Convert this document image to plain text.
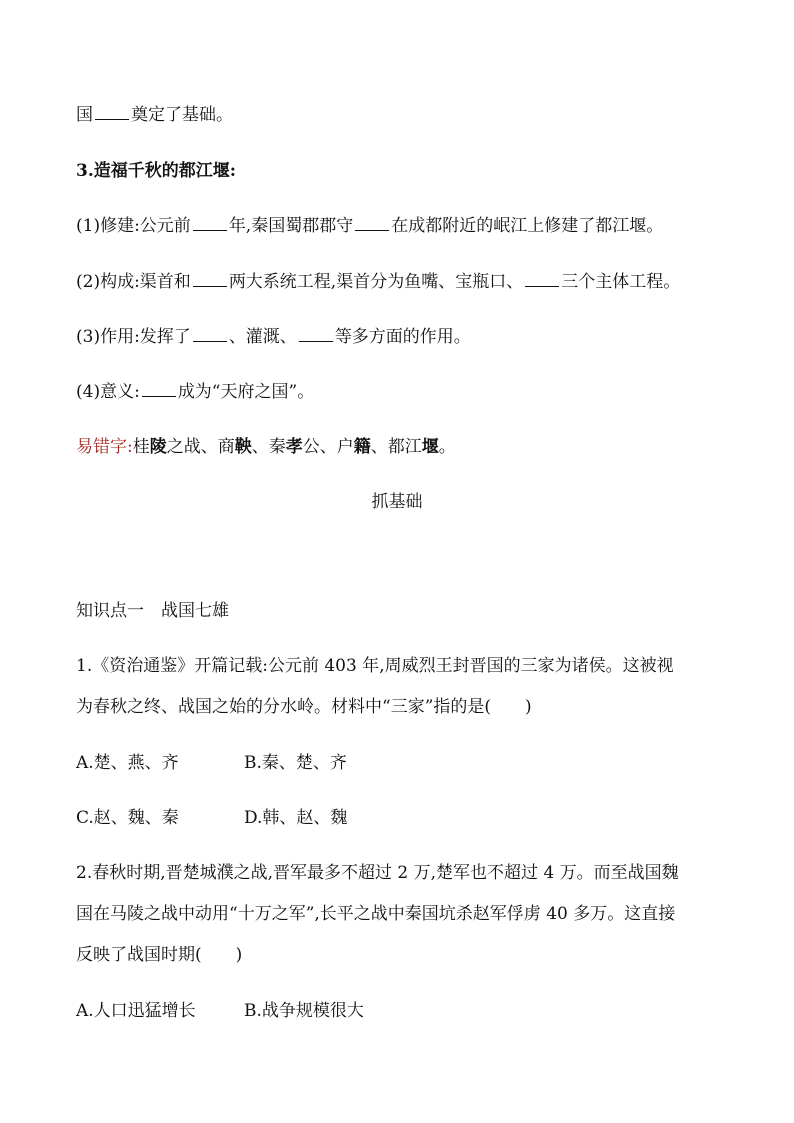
国 奠定了基础。
3.造福千秋的都江堰:
(1)修建:公元前 年,秦国蜀郡郡守 在成都附近的岷江上修建了都江堰。
(2)构成:渠首和 两大系统工程,渠首分为鱼嘴、宝瓶口、 三个主体工程。
(3)作用:发挥了 、灌溉、 等多方面的作用。
(4)意义: 成为“天府之国”。
易错字:桂陵之战、商鞅、秦孝公、户籍、都江堰。
抓基础
知识点一　战国七雄
1.《资治通鉴》开篇记载:公元前 403 年,周威烈王封晋国的三家为诸侯。这被视
为春秋之终、战国之始的分水岭。材料中“三家”指的是(　　)
A.楚、燕、齐	B.秦、楚、齐
C.赵、魏、秦	D.韩、赵、魏
2.春秋时期,晋楚城濮之战,晋军最多不超过 2 万,楚军也不超过 4 万。而至战国魏
国在马陵之战中动用“十万之军”,长平之战中秦国坑杀赵军俘虏 40 多万。这直接
反映了战国时期(　　)
A.人口迅猛增长	B.战争规模很大
